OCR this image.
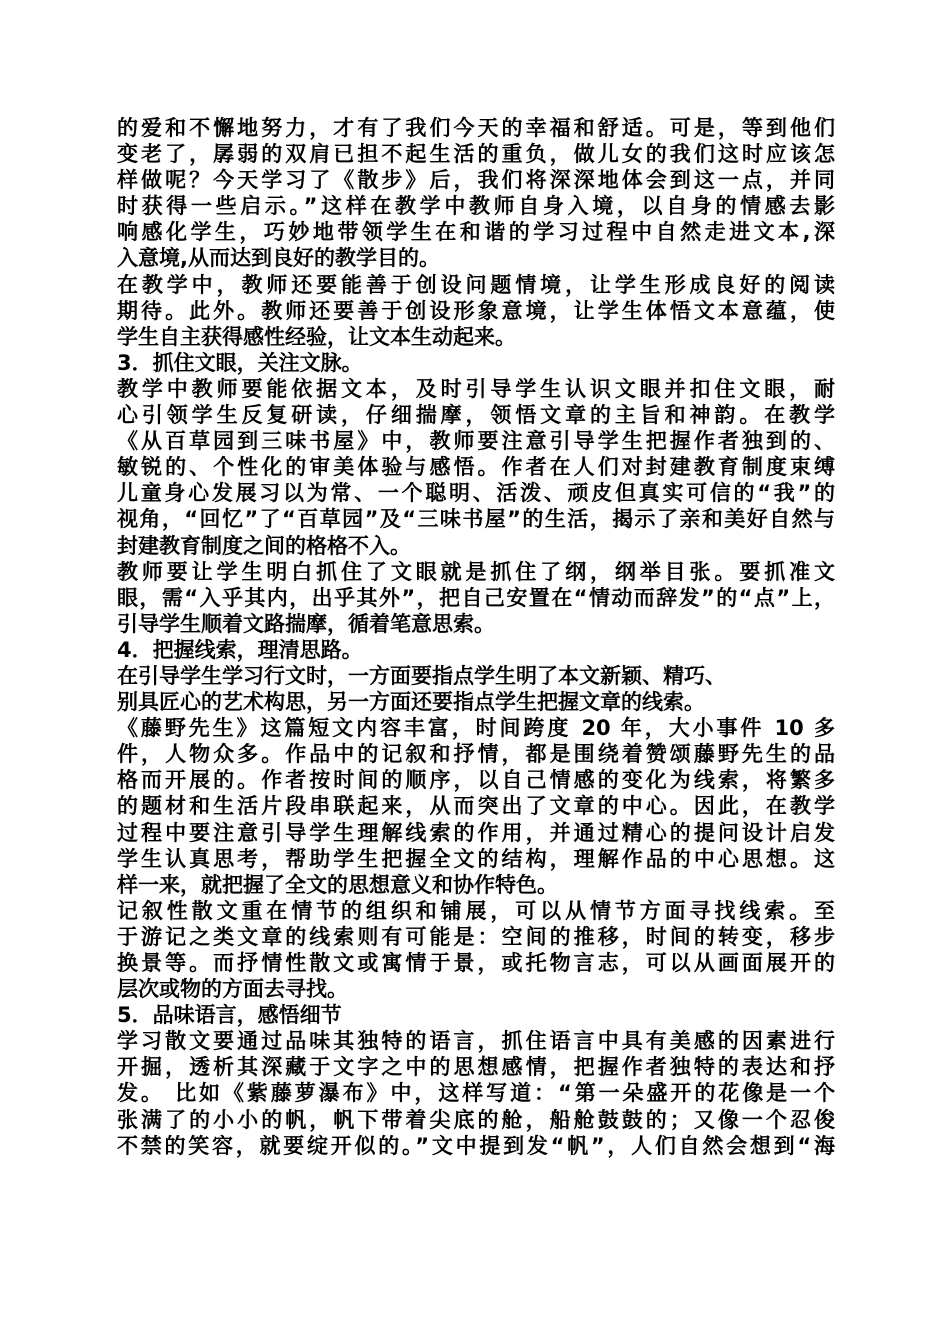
的爱和不懈地努力，才有了我们今天的幸福和舒适。可是，等到他们
变老了，孱弱的双肩已担不起生活的重负，做儿女的我们这时应该怎
样做呢？今天学习了《散步》后，我们将深深地体会到这一点，并同
时获得一些启示。”这样在教学中教师自身入境，以自身的情感去影
响感化学生，巧妙地带领学生在和谐的学习过程中自然走进文本,深
入意境,从而达到良好的教学目的。
在教学中，教师还要能善于创设问题情境，让学生形成良好的阅读
期待。此外。教师还要善于创设形象意境，让学生体悟文本意蕴，使
学生自主获得感性经验，让文本生动起来。
3．抓住文眼，关注文脉。
教学中教师要能依据文本，及时引导学生认识文眼并扣住文眼，耐
心引领学生反复研读，仔细揣摩，领悟文章的主旨和神韵。在教学
《从百草园到三味书屋》中，教师要注意引导学生把握作者独到的、
敏锐的、个性化的审美体验与感悟。作者在人们对封建教育制度束缚
儿童身心发展习以为常、一个聪明、活泼、顽皮但真实可信的“我”的
视角，“回忆”了“百草园”及“三味书屋”的生活，揭示了亲和美好自然与
封建教育制度之间的格格不入。
教师要让学生明白抓住了文眼就是抓住了纲，纲举目张。要抓准文
眼，需“入乎其内，出乎其外”，把自己安置在“情动而辞发”的“点”上，
引导学生顺着文路揣摩，循着笔意思索。
4．把握线索，理清思路。
在引导学生学习行文时，一方面要指点学生明了本文新颖、精巧、
别具匠心的艺术构思，另一方面还要指点学生把握文章的线索。
《藤野先生》这篇短文内容丰富，时间跨度 20 年，大小事件 10 多
件，人物众多。作品中的记叙和抒情，都是围绕着赞颂藤野先生的品
格而开展的。作者按时间的顺序，以自己情感的变化为线索，将繁多
的题材和生活片段串联起来，从而突出了文章的中心。因此，在教学
过程中要注意引导学生理解线索的作用，并通过精心的提问设计启发
学生认真思考，帮助学生把握全文的结构，理解作品的中心思想。这
样一来，就把握了全文的思想意义和协作特色。
记叙性散文重在情节的组织和铺展，可以从情节方面寻找线索。至
于游记之类文章的线索则有可能是：空间的推移，时间的转变，移步
换景等。而抒情性散文或寓情于景，或托物言志，可以从画面展开的
层次或物的方面去寻找。
5．品味语言，感悟细节
学习散文要通过品味其独特的语言，抓住语言中具有美感的因素进行
开掘，透析其深藏于文字之中的思想感情，把握作者独特的表达和抒
发。 比如《紫藤萝瀑布》中，这样写道：“第一朵盛开的花像是一个
张满了的小小的帆，帆下带着尖底的舱，船舱鼓鼓的；又像一个忍俊
不禁的笑容，就要绽开似的。”文中提到发“帆”，人们自然会想到“海
